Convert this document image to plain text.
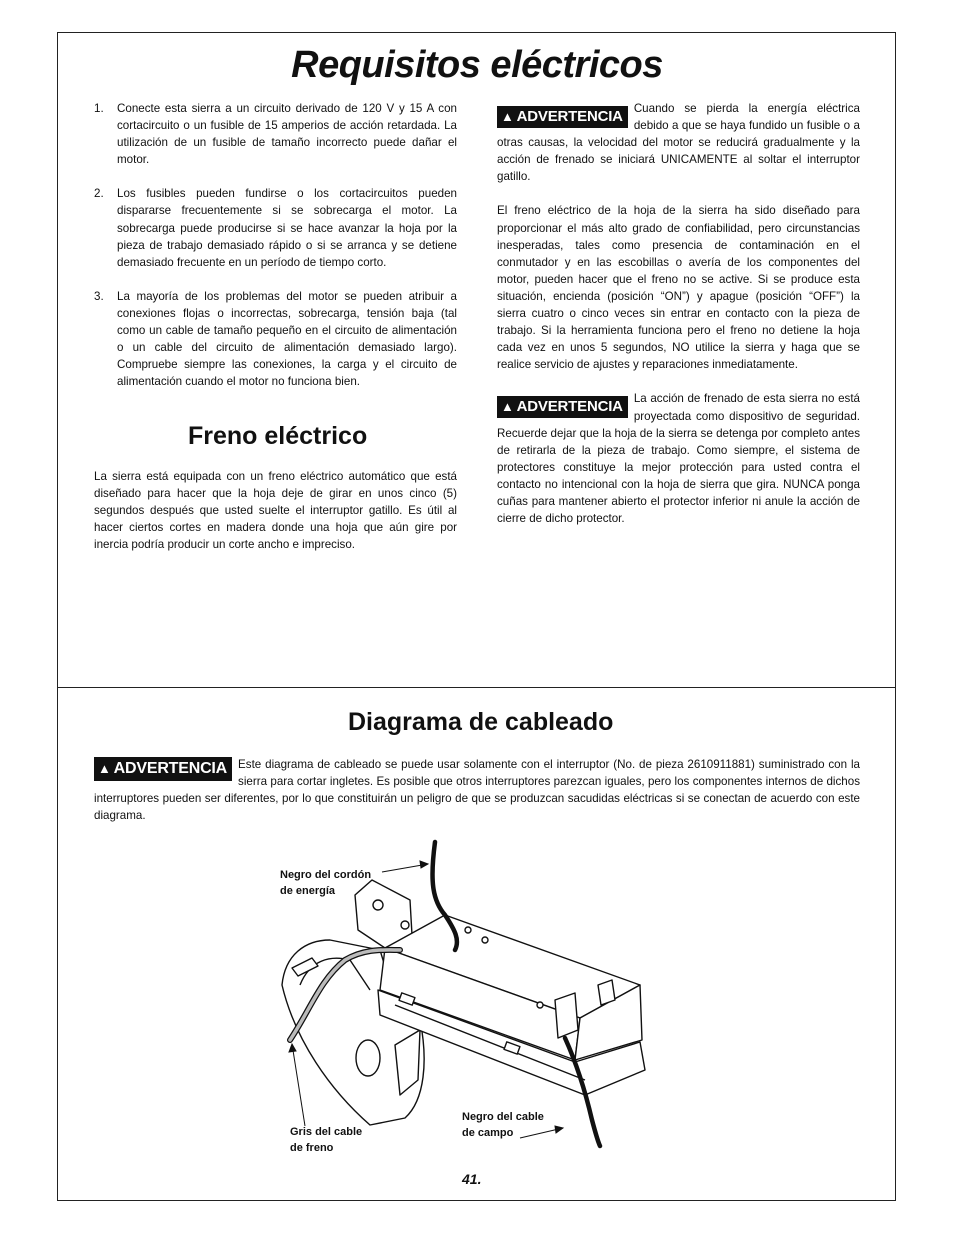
Requisitos eléctricos
1. Conecte esta sierra a un circuito derivado de 120 V y 15 A con cortacircuito o un fusible de 15 amperios de acción retardada. La utilización de un fusible de tamaño incorrecto puede dañar el motor.

2. Los fusibles pueden fundirse o los cortacircuitos pueden dispararse frecuentemente si se sobrecarga el motor. La sobrecarga puede producirse si se hace avanzar la hoja por la pieza de trabajo demasiado rápido o si se arranca y se detiene demasiado frecuente en un período de tiempo corto.

3. La mayoría de los problemas del motor se pueden atribuir a conexiones flojas o incorrectas, sobrecarga, tensión baja (tal como un cable de tamaño pequeño en el circuito de alimentación o un cable del circuito de alimentación demasiado largo). Compruebe siempre las conexiones, la carga y el circuito de alimentación cuando el motor no funciona bien.

Freno eléctrico

La sierra está equipada con un freno eléctrico automático que está diseñado para hacer que la hoja deje de girar en unos cinco (5) segundos después que usted suelte el interruptor gatillo. Es útil al hacer ciertos cortes en madera donde una hoja que aún gire por inercia podría producir un corte ancho e impreciso.

▲ ADVERTENCIA Cuando se pierda la energía eléctrica debido a que se haya fundido un fusible o a otras causas, la velocidad del motor se reducirá gradualmente y la acción de frenado se iniciará UNICAMENTE al soltar el interruptor gatillo.

El freno eléctrico de la hoja de la sierra ha sido diseñado para proporcionar el más alto grado de confiabilidad, pero circunstancias inesperadas, tales como presencia de contaminación en el conmutador y en las escobillas o avería de los componentes del motor, pueden hacer que el freno no se active. Si se produce esta situación, encienda (posición “ON”) y apague (posición “OFF”) la sierra cuatro o cinco veces sin entrar en contacto con la pieza de trabajo. Si la herramienta funciona pero el freno no detiene la hoja cada vez en unos 5 segundos, NO utilice la sierra y haga que se realice servicio de ajustes y reparaciones inmediatamente.

▲ ADVERTENCIA La acción de frenado de esta sierra no está proyectada como dispositivo de seguridad. Recuerde dejar que la hoja de la sierra se detenga por completo antes de retirarla de la pieza de trabajo. Como siempre, el sistema de protectores constituye la mejor protección para usted contra el contacto no intencional con la hoja de sierra que gira. NUNCA ponga cuñas para mantener abierto el protector inferior ni anule la acción de cierre de dicho protector.

Diagrama de cableado

▲ ADVERTENCIA Este diagrama de cableado se puede usar solamente con el interruptor (No. de pieza 2610911881) suministrado con la sierra para cortar ingletes. Es posible que otros interruptores parezcan iguales, pero los componentes internos de dichos interruptores pueden ser diferentes, por lo que constituirán un peligro de que se produzcan sacudidas eléctricas si se conectan de acuerdo con este diagrama.

Negro del cordón
de energía
Gris del cable
de freno
Negro del cable
de campo
41.
